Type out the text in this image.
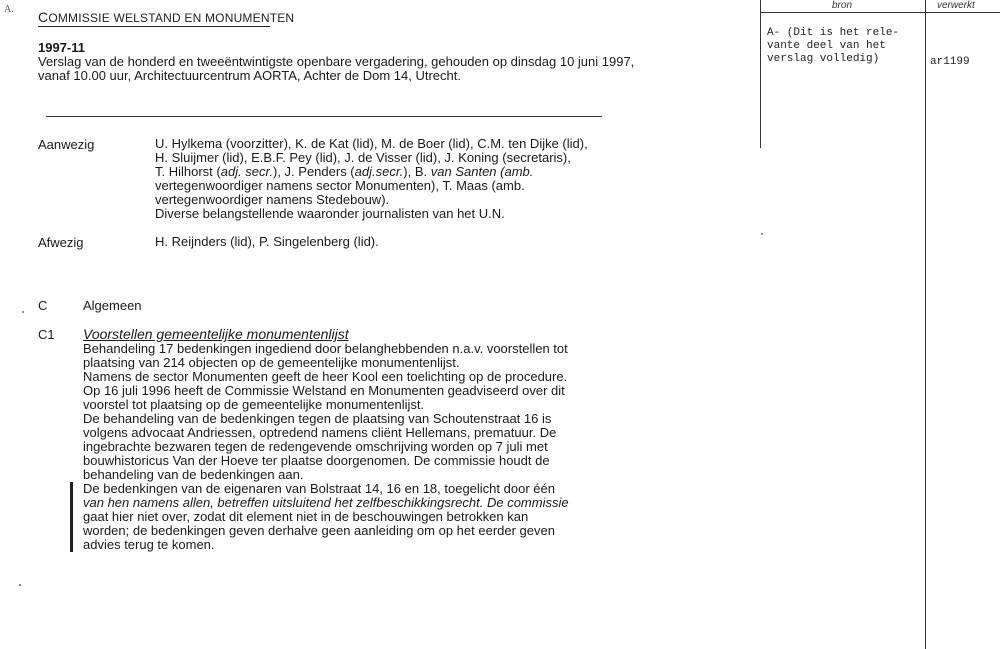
A. COMMISSIE WELSTAND EN MONUMENTEN
1997-11
Verslag van de honderd en tweeëntwintigste openbare vergadering, gehouden op dinsdag 10 juni 1997, vanaf 10.00 uur, Architectuurcentrum AORTA, Achter de Dom 14, Utrecht.
Aanwezig	U. Hylkema (voorzitter), K. de Kat (lid), M. de Boer (lid), C.M. ten Dijke (lid),
H. Sluijmer (lid), E.B.F. Pey (lid), J. de Visser (lid), J. Koning (secretaris),
T. Hilhorst (adj. secr.), J. Penders (adj.secr.), B. van Santen (amb.
vertegenwoordiger namens sector Monumenten), T. Maas (amb.
vertegenwoordiger namens Stedebouw).
Diverse belangstellende waaronder journalisten van het U.N.
Afwezig	H. Reijnders (lid), P. Singelenberg (lid).
C	Algemeen
C1 Voorstellen gemeentelijke monumentenlijst

Behandeling 17 bedenkingen ingediend door belanghebbenden n.a.v. voorstellen tot

plaatsing van 214 objecten op de gemeentelijke monumentenlijst.

Namens de sector Monumenten geeft de heer Kool een toelichting op de procedure.

Op 16 juli 1996 heeft de Commissie Welstand en Monumenten geadviseerd over dit

voorstel tot plaatsing op de gemeentelijke monumentenlijst.

De behandeling van de bedenkingen tegen de plaatsing van Schoutenstraat 16 is

volgens advocaat Andriessen, optredend namens cliënt Hellemans, prematuur. De

ingebrachte bezwaren tegen de redengevende omschrijving worden op 7 juli met

bouwhistoricus Van der Hoeve ter plaatse doorgenomen. De commissie houdt de

behandeling van de bedenkingen aan.

De bedenkingen van de eigenaren van Bolstraat 14, 16 en 18, toegelicht door één

van hen namens allen, betreffen uitsluitend het zelfbeschikkingsrecht. De commissie

gaat hier niet over, zodat dit element niet in de beschouwingen betrokken kan

worden; de bedenkingen geven derhalve geen aanleiding om op het eerder geven

advies terug te komen.

bron	verwerkt
A- (Dit is het rele-
vante deel van het
verslag volledig)	ar1199
